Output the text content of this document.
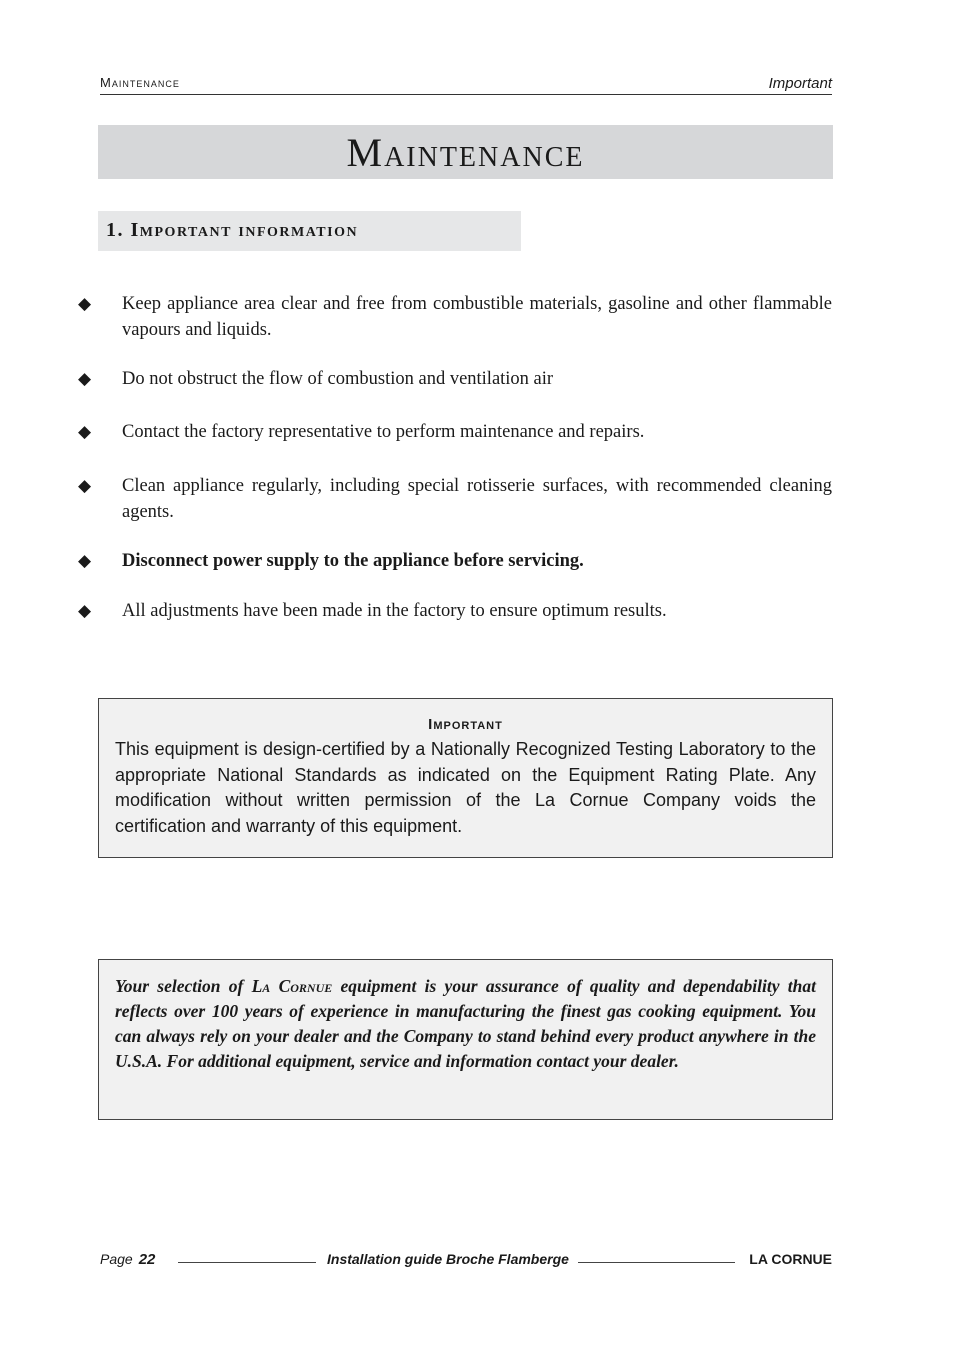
Maintenance	Important
Maintenance
1. Important information
◆ Keep appliance area clear and free from combustible materials, gasoline and other flammable vapours and liquids.
◆ Do not obstruct the flow of combustion and ventilation air
◆ Contact the factory representative to perform maintenance and repairs.
◆ Clean appliance regularly, including special rotisserie surfaces, with recommended cleaning agents.
◆ Disconnect power supply to the appliance before servicing.
◆ All adjustments have been made in the factory to ensure optimum results.
Important
This equipment is design-certified by a Nationally Recognized Testing Laboratory to the appropriate National Standards as indicated on the Equipment Rating Plate. Any modification without written permission of the La Cornue Company voids the certification and warranty of this equipment.
Your selection of La Cornue equipment is your assurance of quality and dependability that reflects over 100 years of experience in manufacturing the finest gas cooking equipment. You can always rely on your dealer and the Company to stand behind every product anywhere in the U.S.A. For additional equipment, service and information contact your dealer.
Page 22	Installation guide Broche Flamberge	LA CORNUE
